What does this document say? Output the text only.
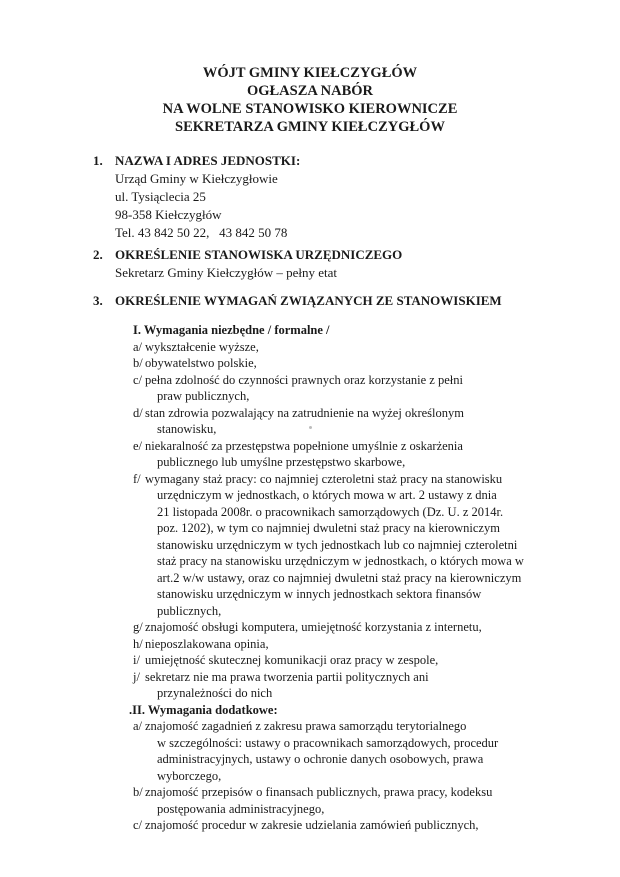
WÓJT GMINY KIEŁCZYGŁÓW
OGŁASZA NABÓR
NA WOLNE STANOWISKO KIEROWNICZE
SEKRETARZA GMINY KIEŁCZYGŁÓW
1. NAZWA I ADRES JEDNOSTKI:
Urząd Gminy w Kiełczygłowie
ul. Tysiąclecia 25
98-358 Kiełczygłów
Tel. 43 842 50 22,   43 842 50 78
2. OKREŚLENIE STANOWISKA URZĘDNICZEGO
Sekretarz Gminy Kiełczygłów – pełny etat
3. OKREŚLENIE WYMAGAŃ ZWIĄZANYCH ZE STANOWISKIEM
I. Wymagania niezbędne / formalne /
a/ wykształcenie wyższe,
b/ obywatelstwo polskie,
c/ pełna zdolność do czynności prawnych oraz korzystanie z pełni
praw publicznych,
d/ stan zdrowia pozwalający na zatrudnienie na wyżej określonym
stanowisku,
e/ niekaralność za przestępstwa popełnione umyślnie z oskarżenia
publicznego lub umyślne przestępstwo skarbowe,
f/ wymagany staż pracy: co najmniej czteroletni staż pracy na stanowisku
urzędniczym w jednostkach, o których mowa w art. 2 ustawy z dnia
21 listopada 2008r. o pracownikach samorządowych (Dz. U. z 2014r.
poz. 1202), w tym co najmniej dwuletni staż pracy na kierowniczym
stanowisku urzędniczym w tych jednostkach lub co najmniej czteroletni
staż pracy na stanowisku urzędniczym w jednostkach, o których mowa w
art.2 w/w ustawy, oraz co najmniej dwuletni staż pracy na kierowniczym
stanowisku urzędniczym w innych jednostkach sektora finansów
publicznych,
g/ znajomość obsługi komputera, umiejętność korzystania z internetu,
h/ nieposzlakowana opinia,
i/ umiejętność skutecznej komunikacji oraz pracy w zespole,
j/ sekretarz nie ma prawa tworzenia partii politycznych ani
przynależności do nich
.II. Wymagania dodatkowe:
a/ znajomość zagadnień z zakresu prawa samorządu terytorialnego
w szczególności: ustawy o pracownikach samorządowych, procedur
administracyjnych, ustawy o ochronie danych osobowych, prawa
wyborczego,
b/ znajomość przepisów o finansach publicznych, prawa pracy, kodeksu
postępowania administracyjnego,
c/ znajomość procedur w zakresie udzielania zamówień publicznych,
